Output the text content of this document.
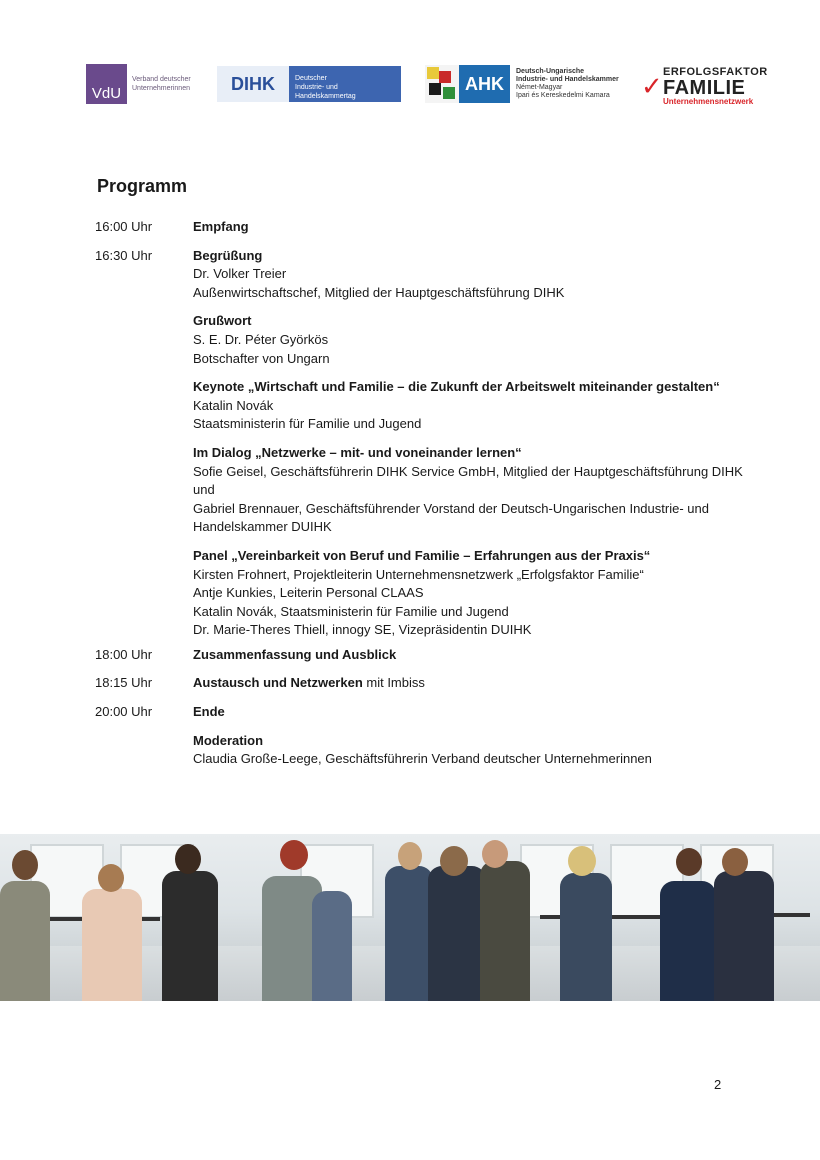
VdU
Verband deutscher Unternehmerinnen	DIHK	Deutscher
Industrie- und Handelskammertag
AHK
Deutsch-Ungarische
Industrie- und Handelskammer
Német-Magyar
Ipari és Kereskedelmi Kamara	✓ ERFOLGSFAKTOR
FAMILIE
Unternehmensnetzwerk
Programm
16:00 Uhr	Empfang
16:30 Uhr	Begrüßung
Dr. Volker Treier
Außenwirtschaftschef, Mitglied der Hauptgeschäftsführung DIHK
Grußwort
S. E. Dr. Péter Györkös
Botschafter von Ungarn
Keynote „Wirtschaft und Familie – die Zukunft der Arbeitswelt miteinander gestalten“
Katalin Novák
Staatsministerin für Familie und Jugend
Im Dialog „Netzwerke – mit- und voneinander lernen“
Sofie Geisel, Geschäftsführerin DIHK Service GmbH, Mitglied der Hauptgeschäftsführung DIHK
und
Gabriel Brennauer, Geschäftsführender Vorstand der Deutsch-Ungarischen Industrie- und Handelskammer DUIHK
Panel „Vereinbarkeit von Beruf und Familie – Erfahrungen aus der Praxis“
Kirsten Frohnert, Projektleiterin Unternehmensnetzwerk „Erfolgsfaktor Familie“
Antje Kunkies, Leiterin Personal CLAAS
Katalin Novák, Staatsministerin für Familie und Jugend
Dr. Marie-Theres Thiell, innogy SE, Vizepräsidentin DUIHK
18:00 Uhr	Zusammenfassung und Ausblick
18:15 Uhr	Austausch und Netzwerken mit Imbiss
20:00 Uhr	Ende
Moderation
Claudia Große-Leege, Geschäftsführerin Verband deutscher Unternehmerinnen
2
